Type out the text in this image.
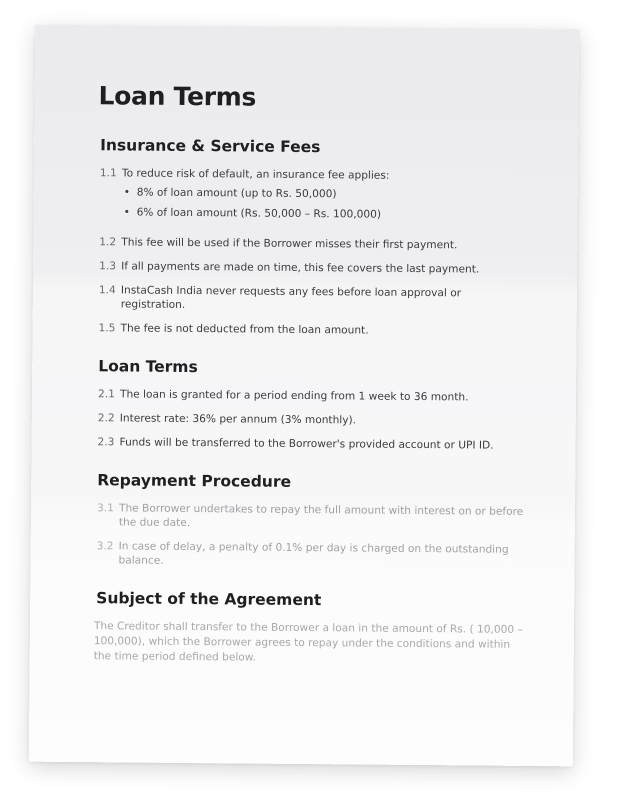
Loan Terms
Insurance & Service Fees
1.1 To reduce risk of default, an insurance fee applies:
• 8% of loan amount (up to Rs. 50,000)
• 6% of loan amount (Rs. 50,000 – Rs. 100,000)
1.2 This fee will be used if the Borrower misses their first payment.
1.3 If all payments are made on time, this fee covers the last payment.
1.4 InstaCash India never requests any fees before loan approval or registration.
1.5 The fee is not deducted from the loan amount.
Loan Terms
2.1 The loan is granted for a period ending from 1 week to 36 month.
2.2 Interest rate: 36% per annum (3% monthly).
2.3 Funds will be transferred to the Borrower's provided account or UPI ID.
Repayment Procedure
3.1 The Borrower undertakes to repay the full amount with interest on or before the due date.
3.2 In case of delay, a penalty of 0.1% per day is charged on the outstanding balance.
Subject of the Agreement

The Creditor shall transfer to the Borrower a loan in the amount of Rs. ( 10,000 – 100,000), which the Borrower agrees to repay under the conditions and within the time period defined below.
